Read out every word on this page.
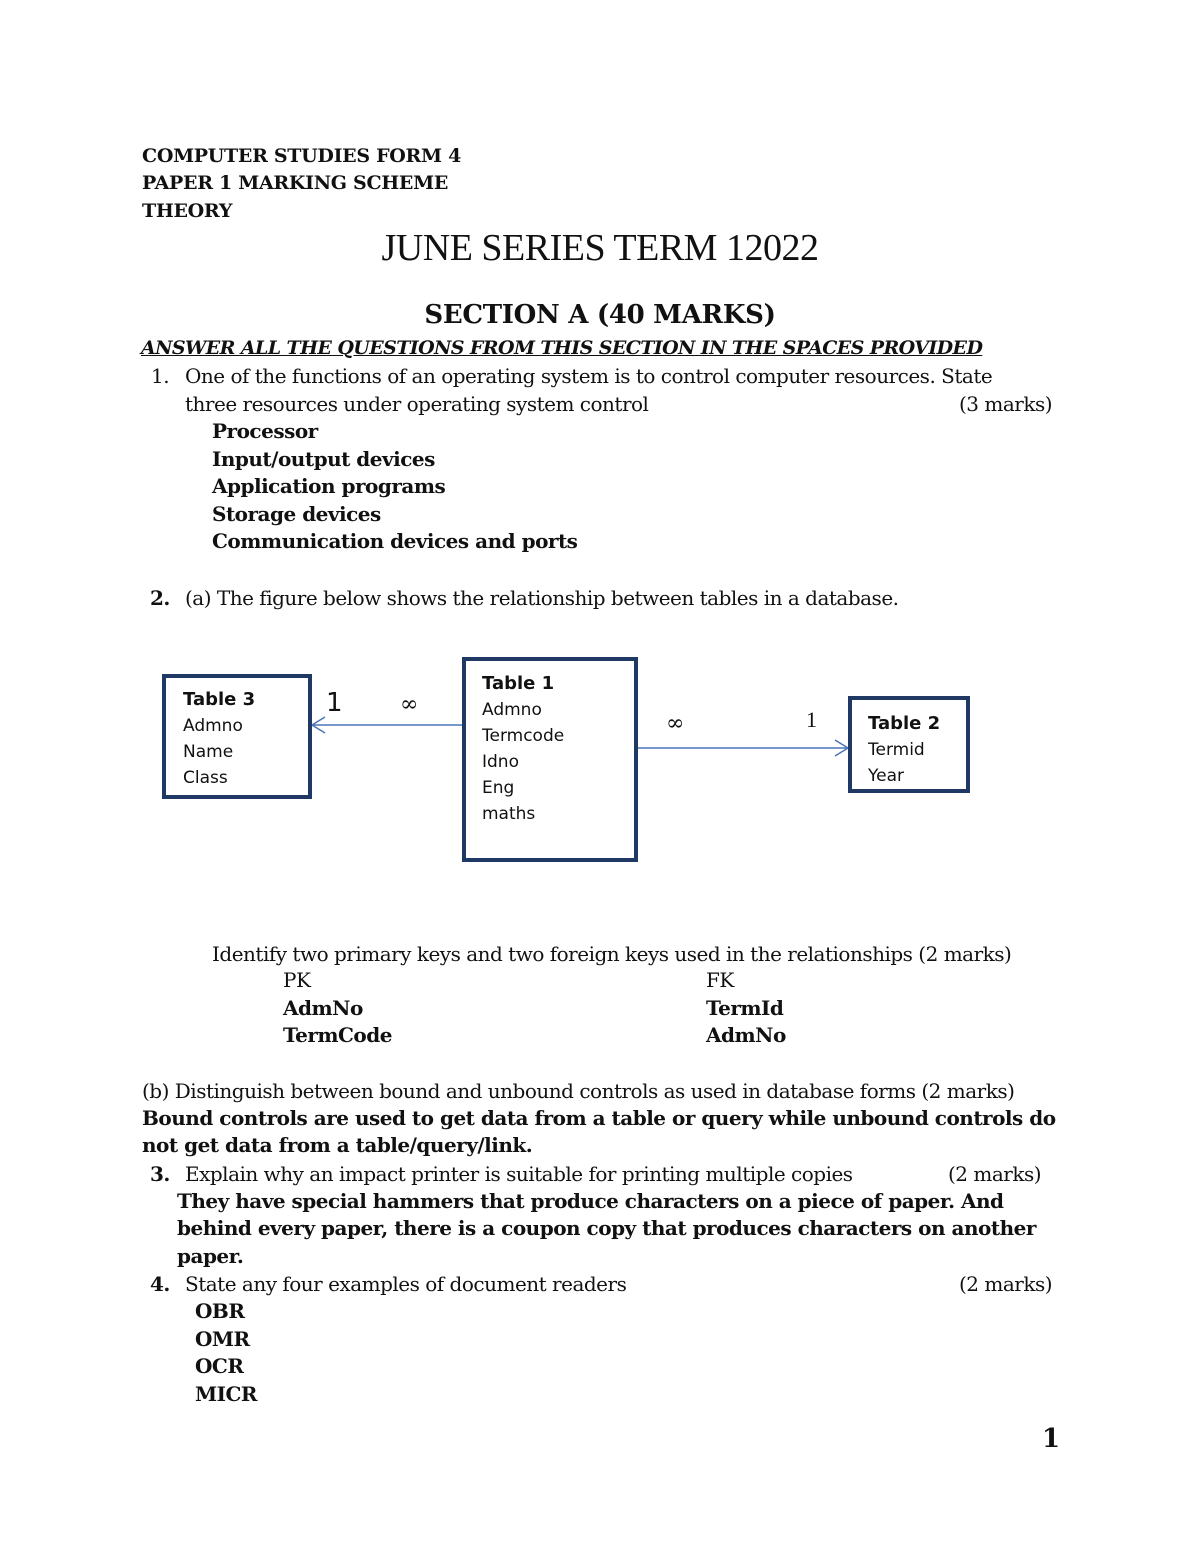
COMPUTER STUDIES FORM 4
PAPER 1 MARKING SCHEME
THEORY
JUNE SERIES TERM 12022
SECTION A (40 MARKS)
ANSWER ALL THE QUESTIONS FROM THIS SECTION IN THE SPACES PROVIDED
1. One of the functions of an operating system is to control computer resources. State
three resources under operating system control	(3 marks)
Processor
Input/output devices
Application programs
Storage devices
Communication devices and ports
2. (a) The figure below shows the relationship between tables in a database.
Table 3
Admno
Name
Class
Table 1
Admno
Termcode
Idno
Eng
maths
Table 2
Termid
Year
1	∞
∞	1
Identify two primary keys and two foreign keys used in the relationships (2 marks)
PK	FK
AdmNo	TermId
TermCode	AdmNo
(b) Distinguish between bound and unbound controls as used in database forms (2 marks)
Bound controls are used to get data from a table or query while unbound controls do
not get data from a table/query/link.
3. Explain why an impact printer is suitable for printing multiple copies	(2 marks)
They have special hammers that produce characters on a piece of paper. And
behind every paper, there is a coupon copy that produces characters on another
paper.
4. State any four examples of document readers	(2 marks)
OBR
OMR
OCR
MICR
1
